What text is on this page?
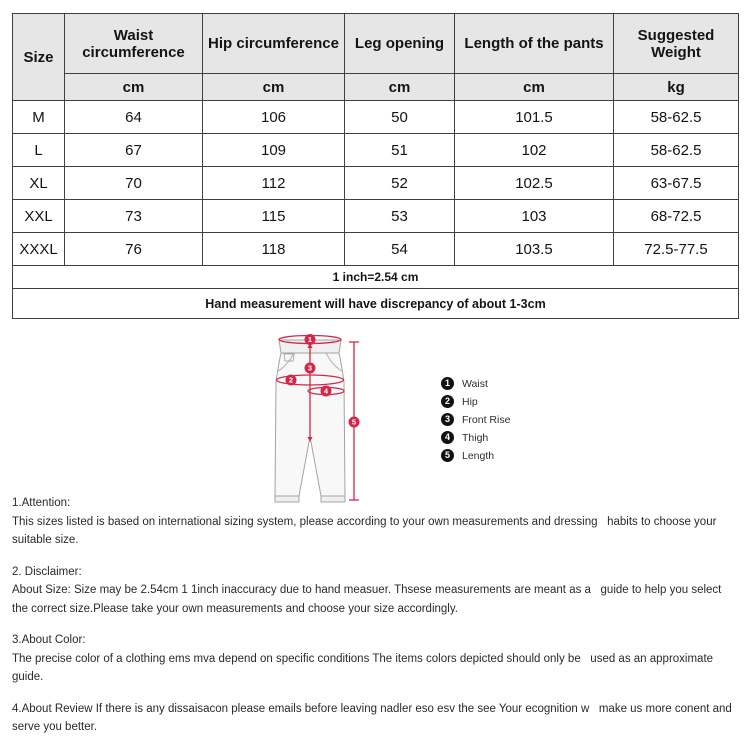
Size	Waist circumference	Hip circumference	Leg opening	Length of the pants	Suggested Weight
	cm	cm	cm	cm	kg
M	64	106	50	101.5	58-62.5
L	67	109	51	102	58-62.5
XL	70	112	52	102.5	63-67.5
XXL	73	115	53	103	68-72.5
XXXL	76	118	54	103.5	72.5-77.5
1 inch=2.54 cm					
Hand measurement will have discrepancy of about 1-3cm					
1
2
3
4
5
1	Waist
2	Hip
3	Front Rise
4	Thigh
5	Length
1.Attention:
This sizes listed is based on international sizing system, please according to your own measurements and dressing   habits to choose your suitable size.
2. Disclaimer:
About Size: Size may be 2.54cm 1 1inch inaccuracy due to hand measuer. Thsese measurements are meant as a   guide to help you select the correct size.Please take your own measurements and choose your size accordingly.
3.About Color:
The precise color of a clothing ems mva depend on specific conditions The items colors depicted should only be   used as an approximate guide.
4.About Review If there is any dissaisacon please emails before leaving nadler eso esv the see Your ecognition w   make us more conent and serve you better.
